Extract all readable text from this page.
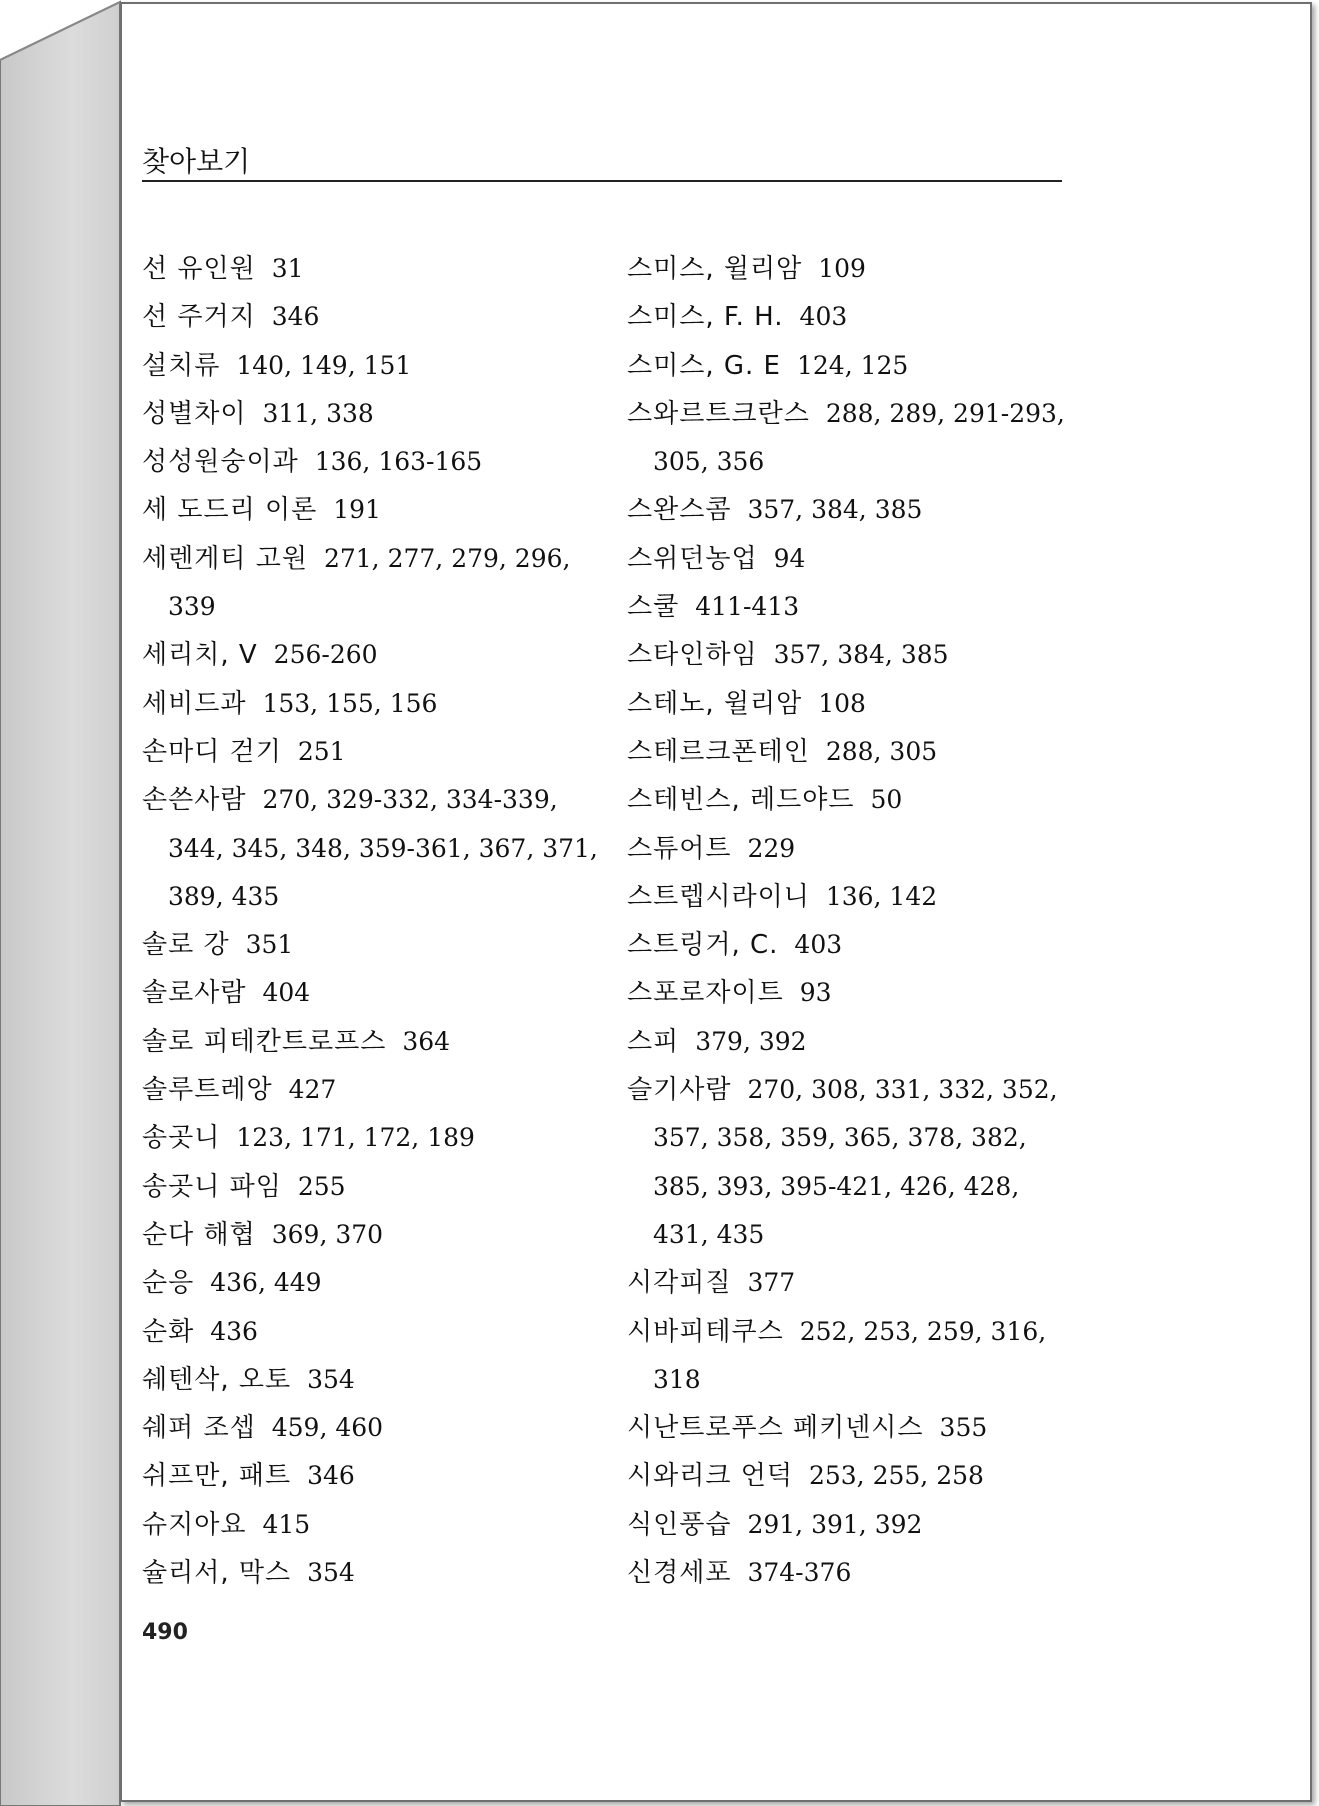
찾아보기
선 유인원 31
선 주거지 346
설치류 140, 149, 151
성별차이 311, 338
성성원숭이과 136, 163-165
세 도드리 이론 191
세렌게티 고원 271, 277, 279, 296, 339
세리치, V 256-260
세비드과 153, 155, 156
손마디 걷기 251
손쓴사람 270, 329-332, 334-339, 344, 345, 348, 359-361, 367, 371, 389, 435
솔로 강 351
솔로사람 404
솔로 피테칸트로프스 364
솔루트레앙 427
송곳니 123, 171, 172, 189
송곳니 파임 255
순다 해협 369, 370
순응 436, 449
순화 436
쉐텐삭, 오토 354
쉐퍼 조셉 459, 460
쉬프만, 패트 346
슈지아요 415
슐리서, 막스 354
스미스, 윌리암 109
스미스, F. H. 403
스미스, G. E 124, 125
스와르트크란스 288, 289, 291-293, 305, 356
스완스콤 357, 384, 385
스위던농업 94
스쿨 411-413
스타인하임 357, 384, 385
스테노, 윌리암 108
스테르크폰테인 288, 305
스테빈스, 레드야드 50
스튜어트 229
스트렙시라이니 136, 142
스트링거, C. 403
스포로자이트 93
스피 379, 392
슬기사람 270, 308, 331, 332, 352, 357, 358, 359, 365, 378, 382, 385, 393, 395-421, 426, 428, 431, 435
시각피질 377
시바피테쿠스 252, 253, 259, 316, 318
시난트로푸스 페키넨시스 355
시와리크 언덕 253, 255, 258
식인풍습 291, 391, 392
신경세포 374-376
490
